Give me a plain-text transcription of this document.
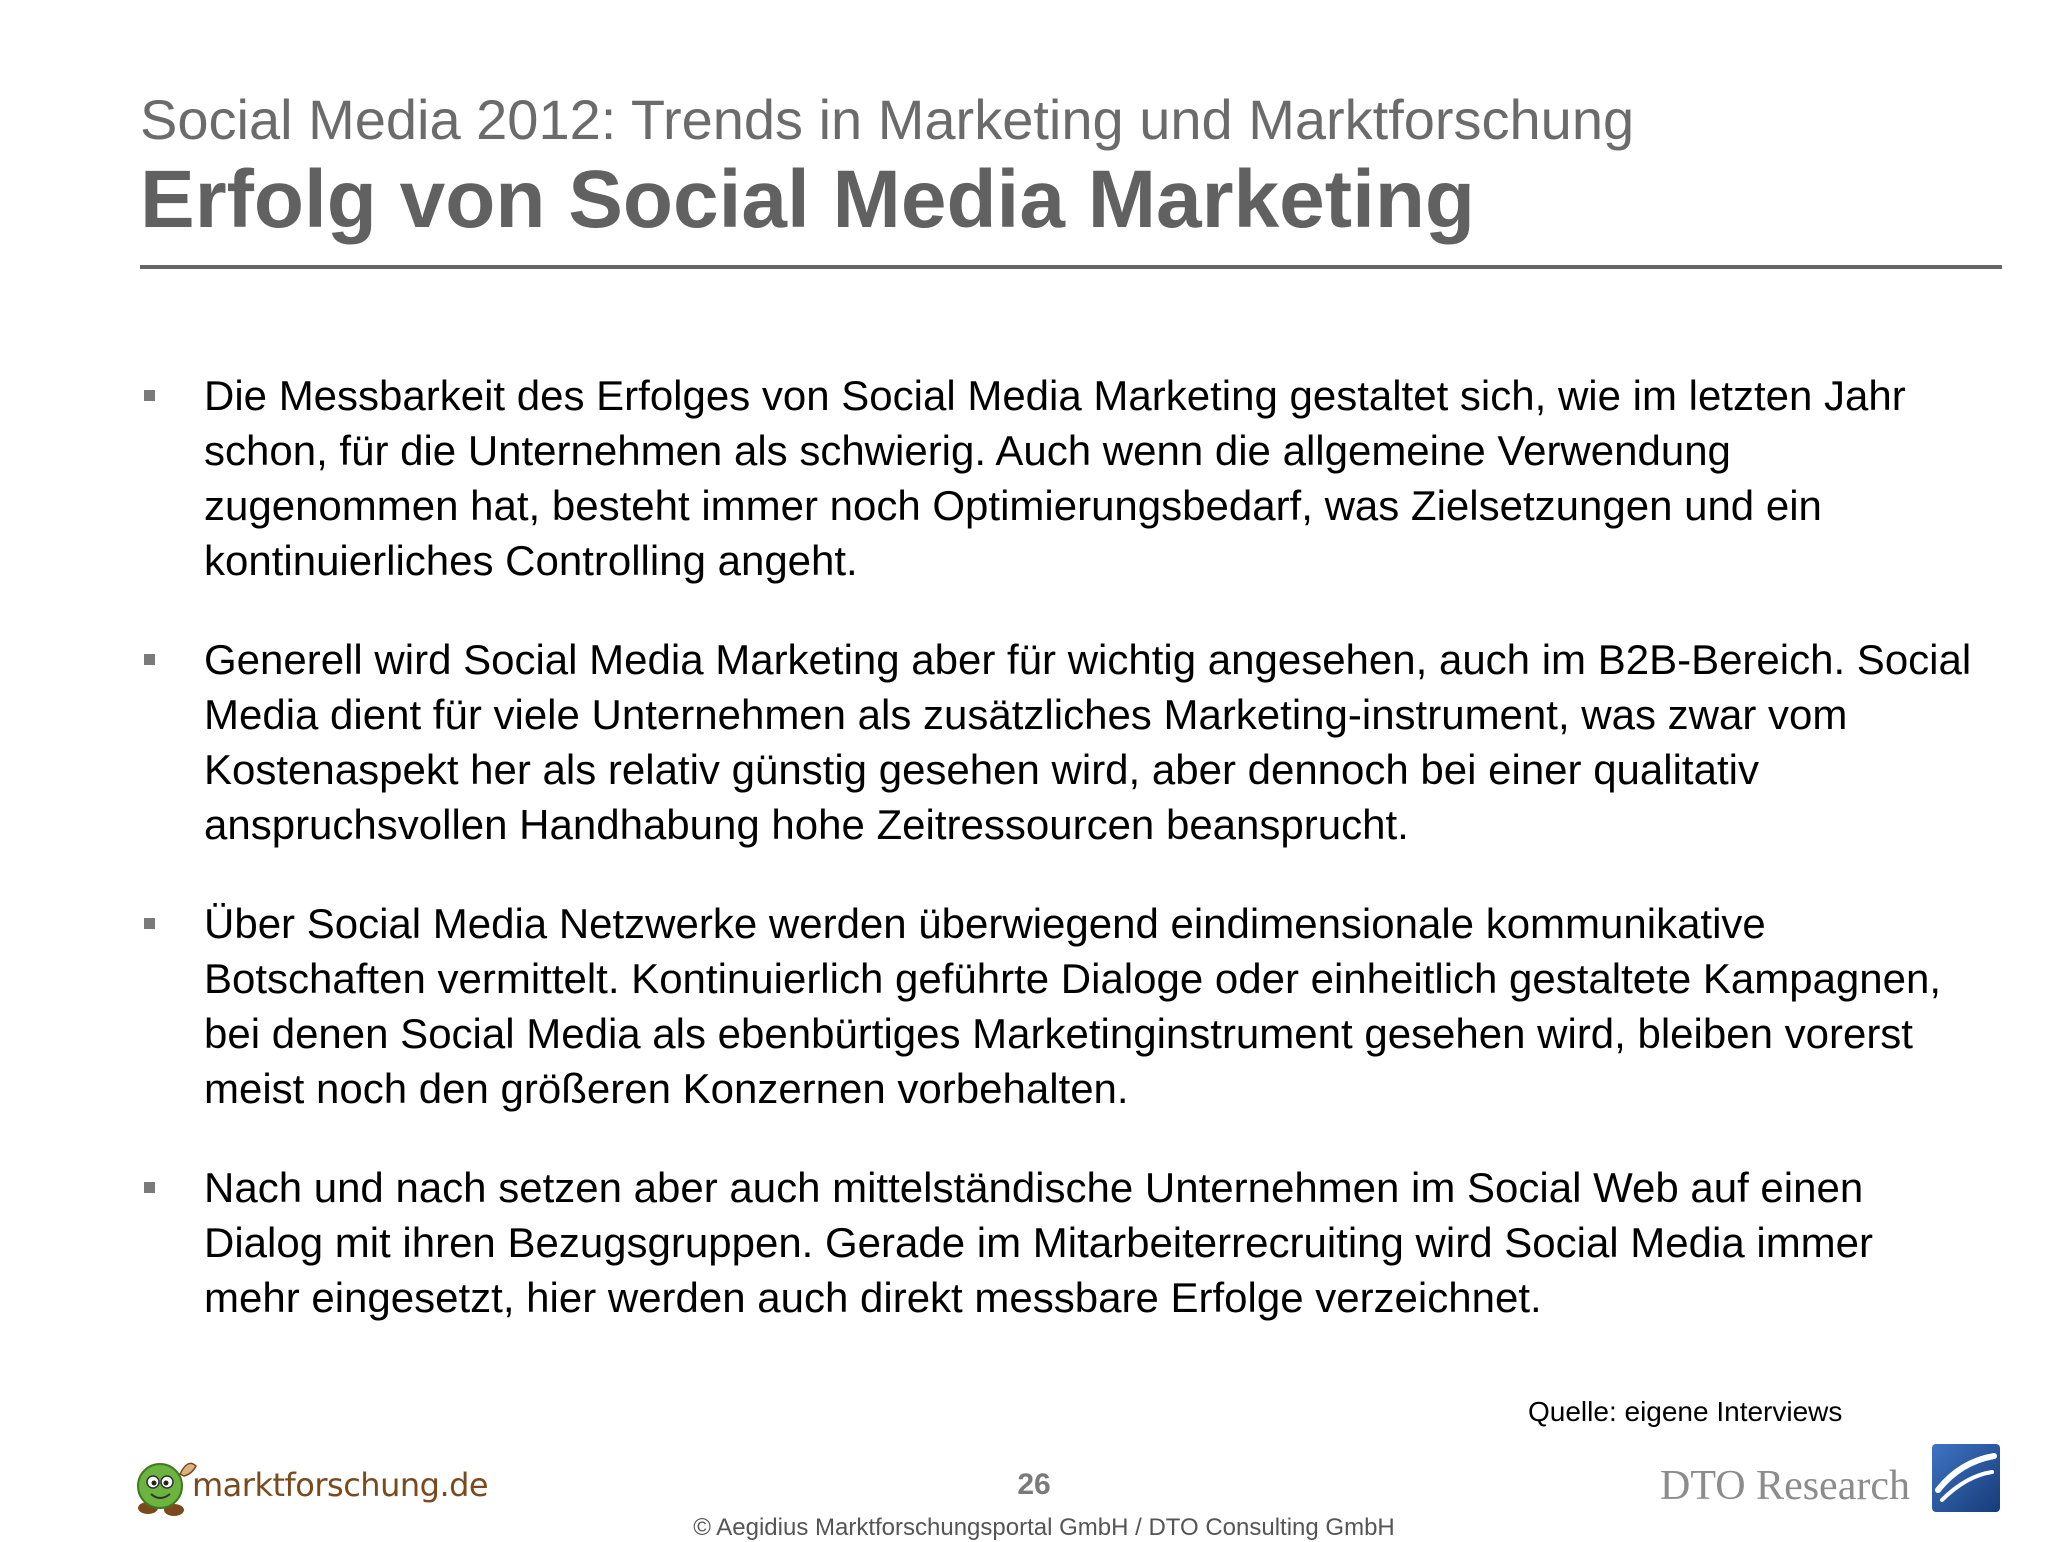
Social Media 2012: Trends in Marketing und Marktforschung
Erfolg von Social Media Marketing
Die Messbarkeit des Erfolges von Social Media Marketing gestaltet sich, wie im letzten Jahr schon, für die Unternehmen als schwierig. Auch wenn die allgemeine Verwendung zugenommen hat, besteht immer noch Optimierungsbedarf, was Zielsetzungen und ein kontinuierliches Controlling angeht.
Generell wird Social Media Marketing aber für wichtig angesehen, auch im B2B-Bereich. Social Media dient für viele Unternehmen als zusätzliches Marketing-instrument, was zwar vom Kostenaspekt her als relativ günstig gesehen wird, aber dennoch bei einer qualitativ anspruchsvollen Handhabung hohe Zeitressourcen beansprucht.
Über Social Media Netzwerke werden überwiegend eindimensionale kommunikative Botschaften vermittelt. Kontinuierlich geführte Dialoge oder einheitlich gestaltete Kampagnen, bei denen Social Media als ebenbürtiges Marketinginstrument gesehen wird, bleiben vorerst meist noch den größeren Konzernen vorbehalten.
Nach und nach setzen aber auch mittelständische Unternehmen im Social Web auf einen Dialog mit ihren Bezugsgruppen. Gerade im Mitarbeiterrecruiting wird Social Media immer mehr eingesetzt, hier werden auch direkt messbare Erfolge verzeichnet.
Quelle: eigene Interviews
marktforschung.de	26	DTO Research
© Aegidius Marktforschungsportal GmbH / DTO Consulting GmbH
